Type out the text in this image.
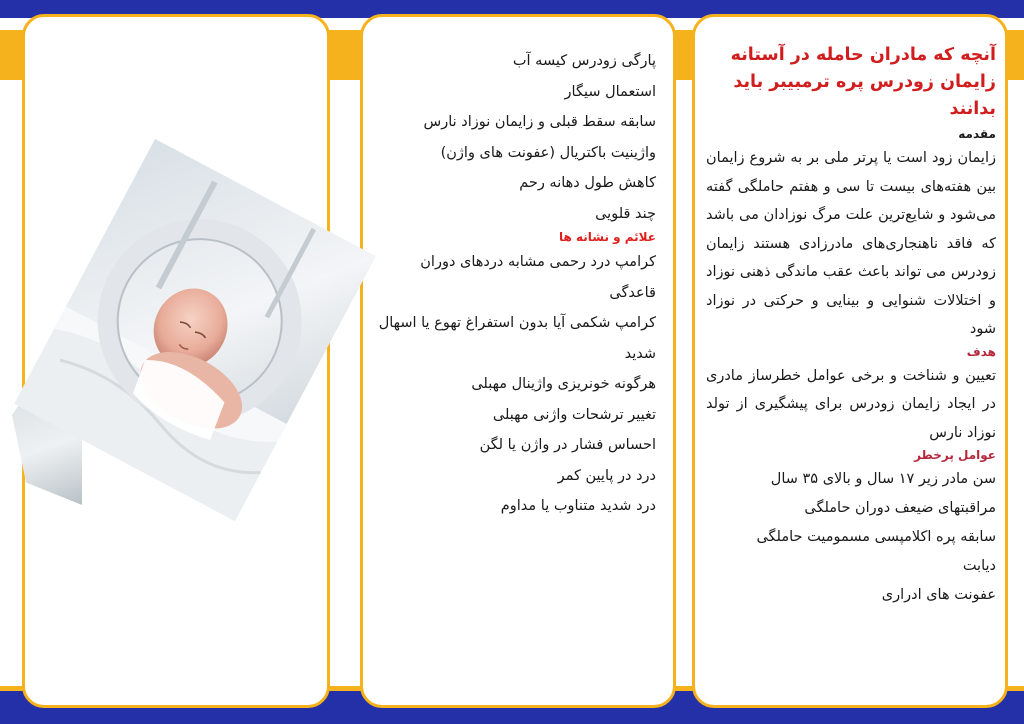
آنچه که مادران حامله در آستانه زایمان زودرس پره ترمبیبر باید بدانند
مقدمه

زایمان زود است یا پرتر ملی بر به شروع زایمان بین هفته‌های بیست تا سی و هفتم حاملگی گفته می‌شود و شایع‌ترین علت مرگ نوزادان می باشد که فاقد ناهنجاری‌های مادرزادی هستند زایمان زودرس می تواند باعث عقب ماندگی ذهنی نوزاد و اختلالات شنوایی و بینایی و حرکتی در نوزاد شود

هدف

تعیین و شناخت و برخی عوامل خطرساز مادری در ایجاد زایمان زودرس برای پیشگیری از تولد نوزاد نارس

عوامل پرخطر
سن مادر زیر ۱۷ سال و بالای ۳۵ سال
مراقبتهای ضیعف دوران حاملگی
سابقه پره اکلامپسی مسمومیت حاملگی
دیابت
عفونت های ادراری
پارگی زودرس کیسه آب
استعمال سیگار
سابقه سقط قبلی و زایمان نوزاد نارس
واژینیت باکتریال (عفونت های واژن)
کاهش طول دهانه رحم
چند قلویی
علائم و نشانه ها
کرامپ درد رحمی مشابه دردهای دوران قاعدگی
کرامپ شکمی آیا بدون استفراغ تهوع یا اسهال شدید
هرگونه خونریزی واژینال مهبلی
تغییر ترشحات واژنی مهبلی
احساس فشار در واژن یا لگن
درد در پایین کمر
درد شدید متناوب یا مداوم
